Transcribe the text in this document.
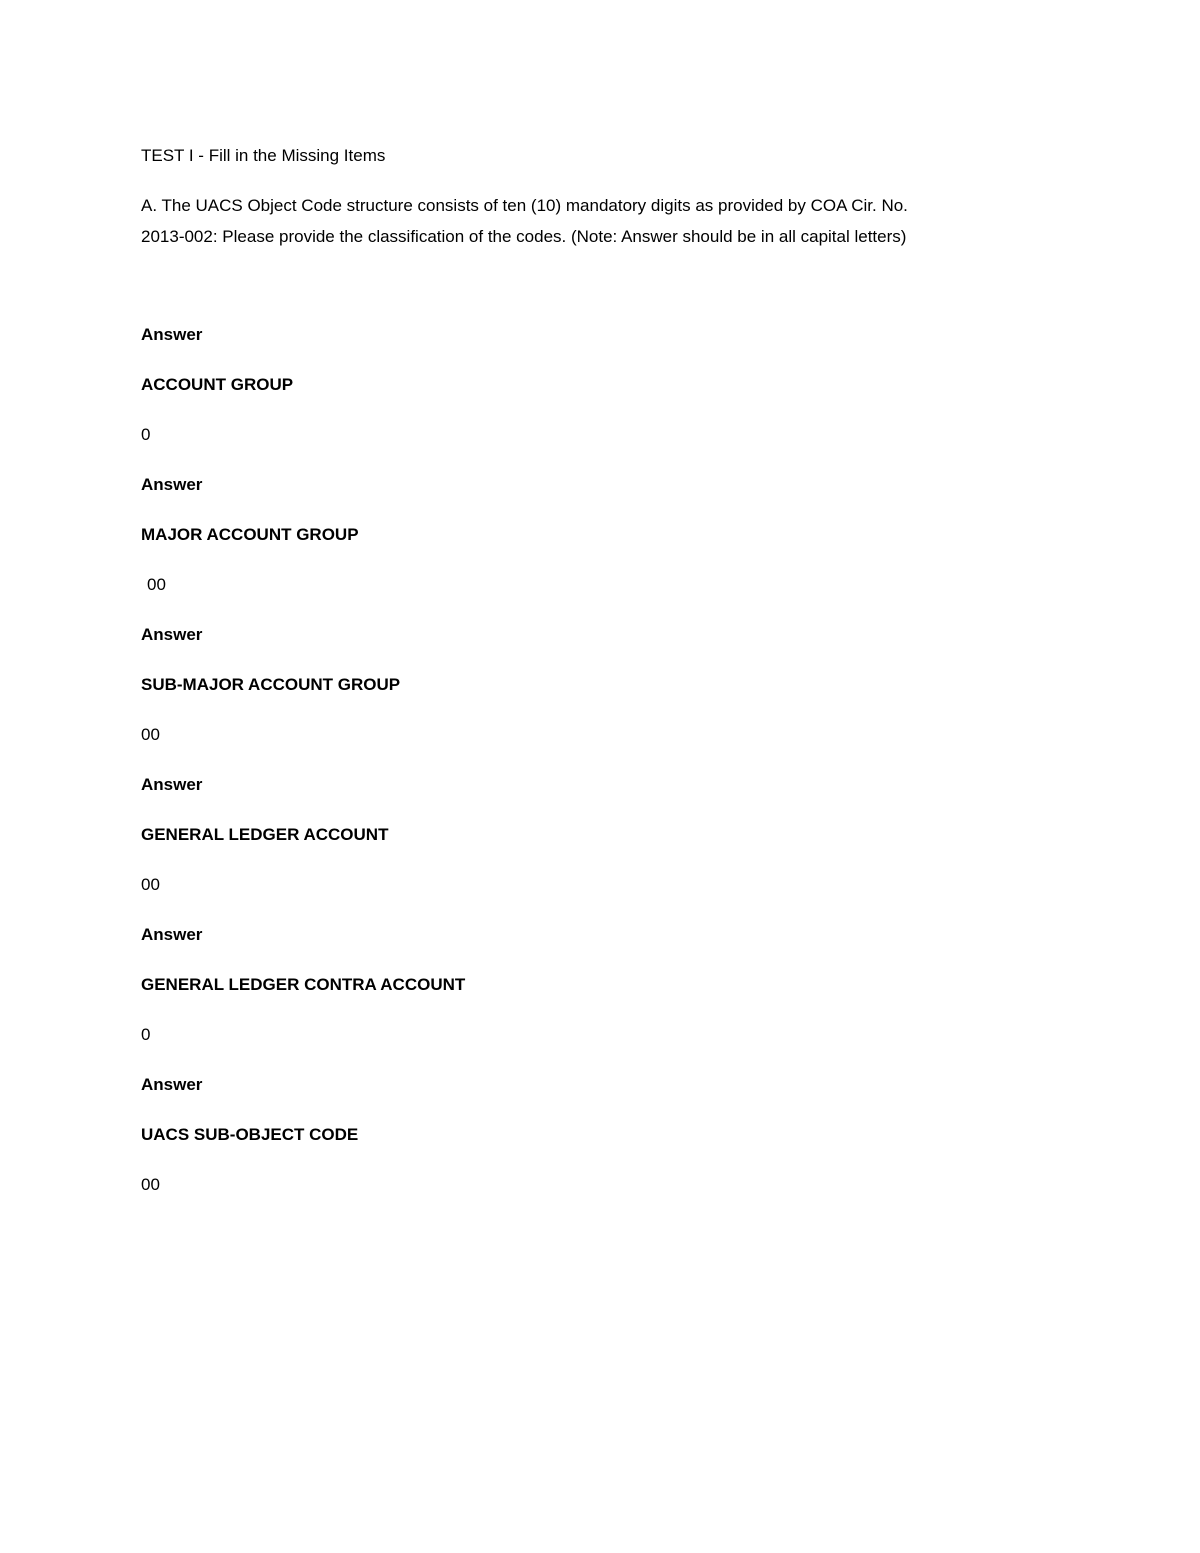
TEST I - Fill in the Missing Items
A. The UACS Object Code structure consists of ten (10) mandatory digits as provided by COA Cir. No.
2013-002: Please provide the classification of the codes. (Note: Answer should be in all capital letters)
Answer
ACCOUNT GROUP
0
Answer
MAJOR ACCOUNT GROUP
00
Answer
SUB-MAJOR ACCOUNT GROUP
00
Answer
GENERAL LEDGER ACCOUNT
00
Answer
GENERAL LEDGER CONTRA ACCOUNT
0
Answer
UACS SUB-OBJECT CODE
00
